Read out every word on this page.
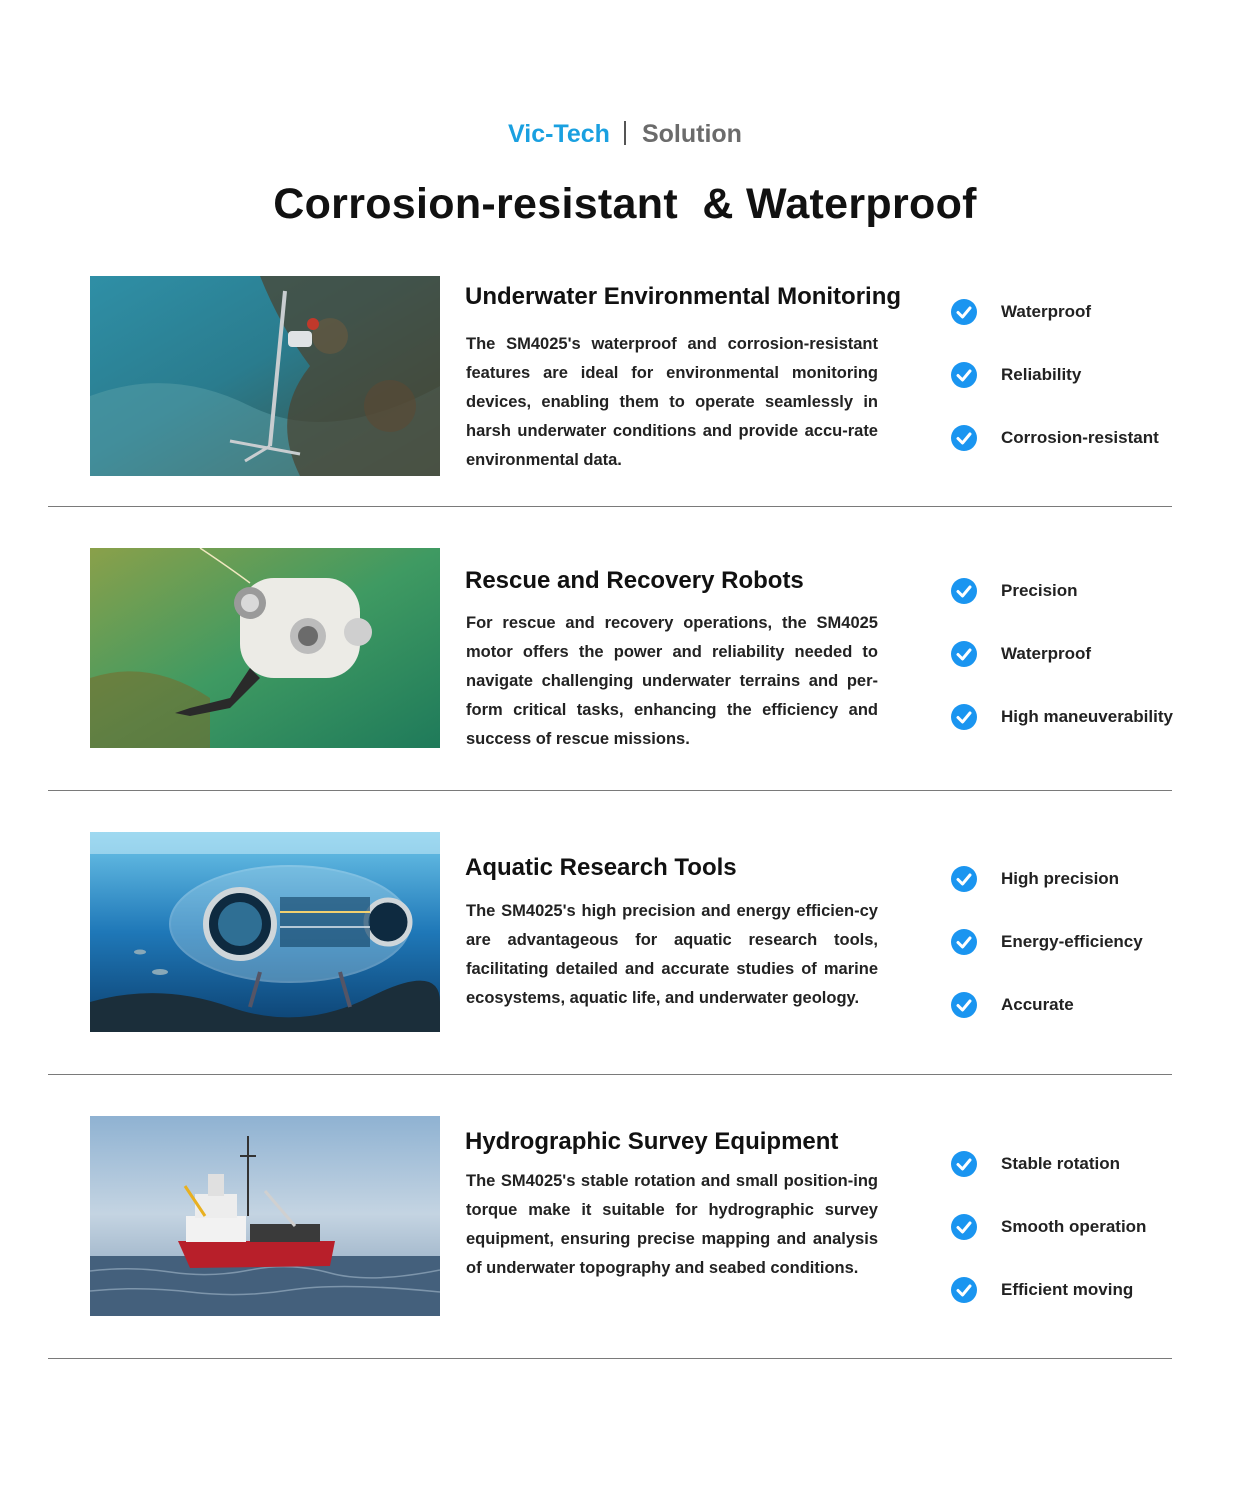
Vic-Tech Solution
Corrosion-resistant  & Waterproof
Underwater Environmental Monitoring

The SM4025's waterproof and corrosion-resistant features are ideal for environmental monitoring devices, enabling them to operate seamlessly in harsh underwater conditions and provide accu-rate environmental data.

Waterproof
Reliability
Corrosion-resistant
Rescue and Recovery Robots

For rescue and recovery operations, the SM4025 motor offers the power and reliability needed to navigate challenging underwater terrains and per-form critical tasks, enhancing the efficiency and success of rescue missions.

Precision
Waterproof
High maneuverability
Aquatic Research Tools

The SM4025's high precision and energy efficien-cy are advantageous for aquatic research tools, facilitating detailed and accurate studies of marine ecosystems, aquatic life, and underwater geology.

High precision
Energy-efficiency
Accurate
Hydrographic Survey Equipment

The SM4025's stable rotation and small position-ing torque make it suitable for hydrographic survey equipment, ensuring precise mapping and analysis of underwater topography and seabed conditions.

Stable rotation
Smooth operation
Efficient moving
